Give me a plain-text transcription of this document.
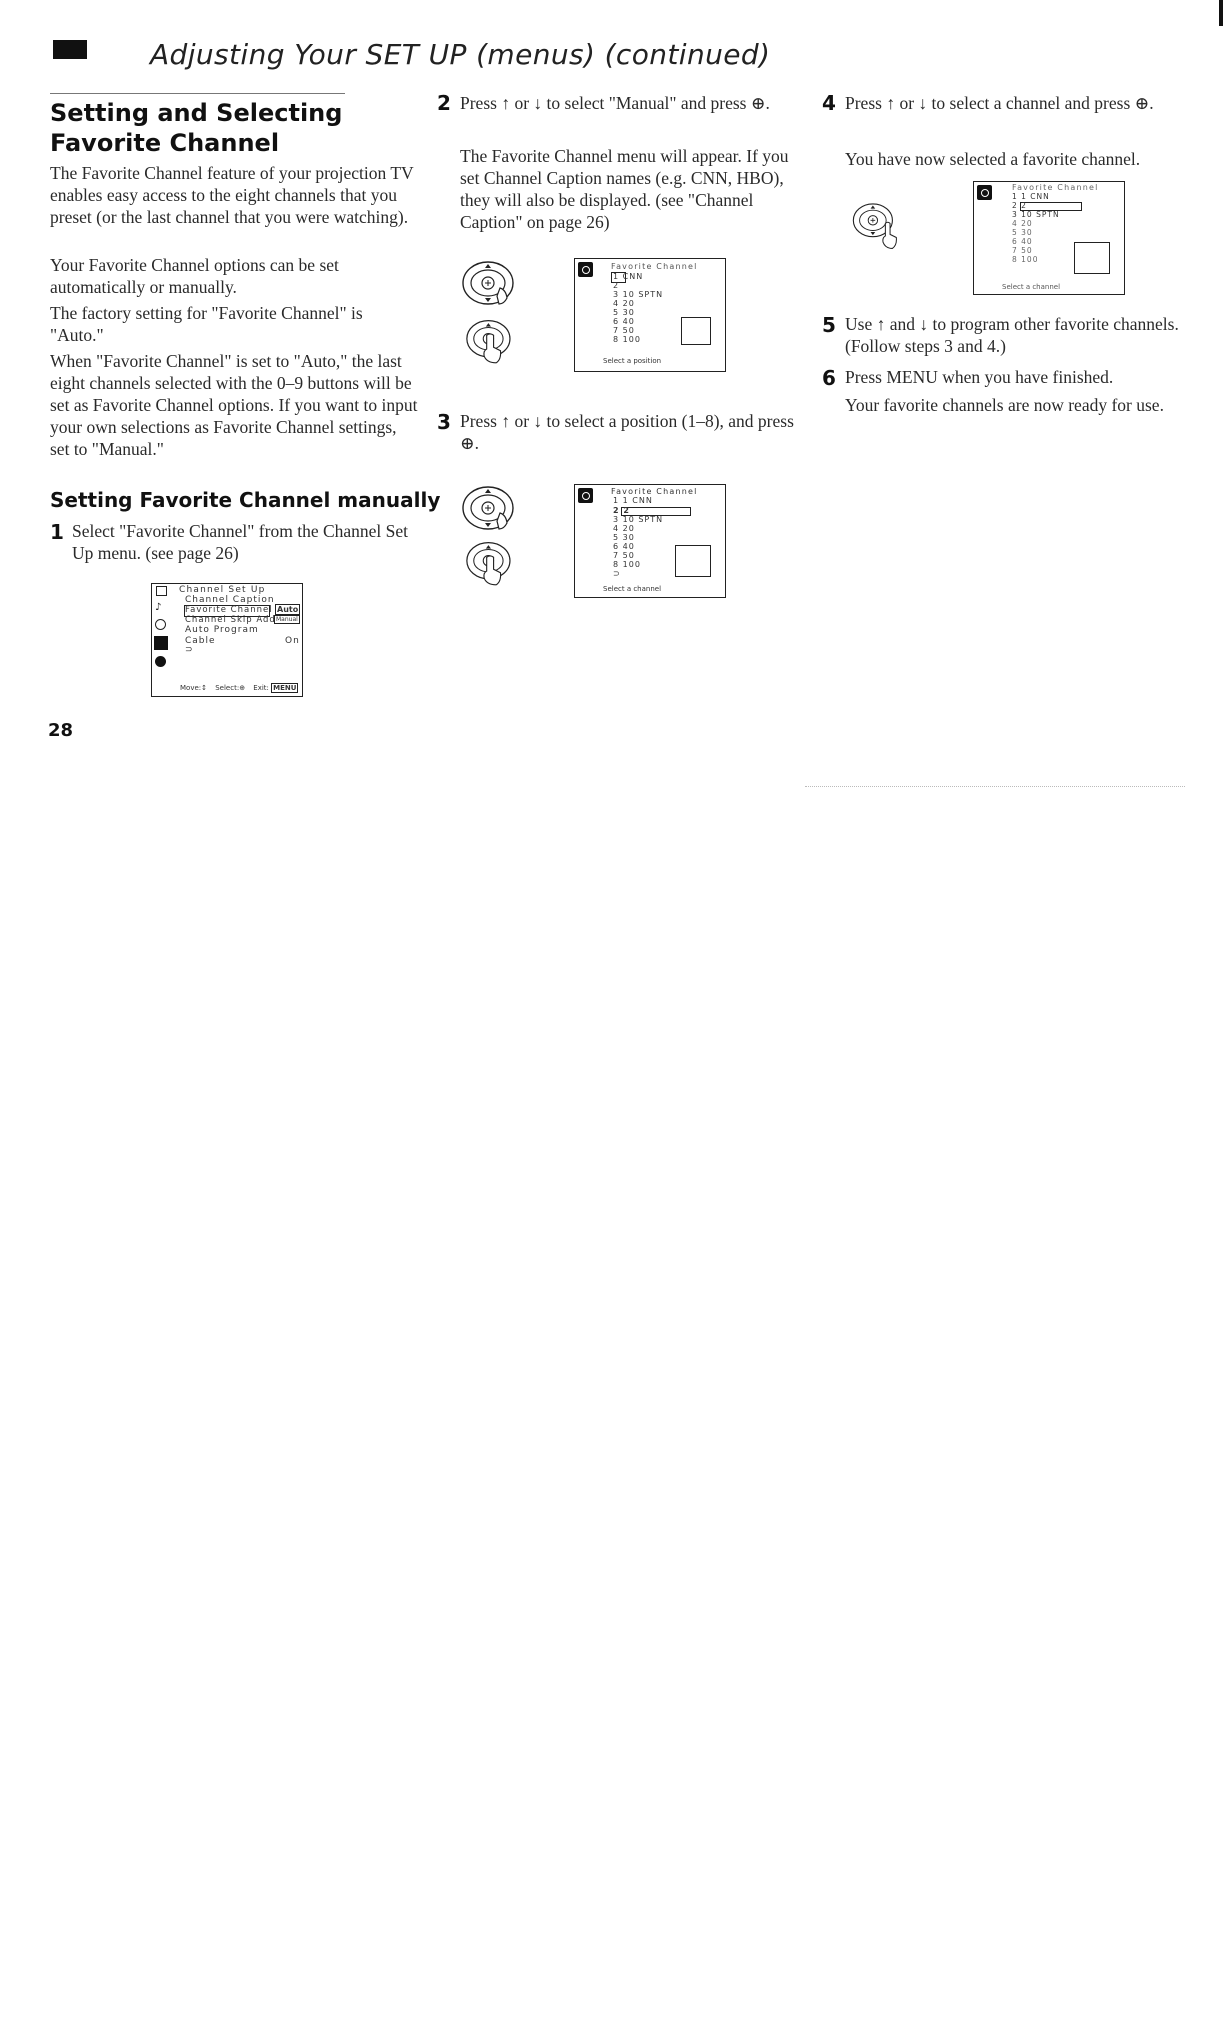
Adjusting Your SET UP (menus) (continued)
Setting and Selecting Favorite Channel
The Favorite Channel feature of your projection TV enables easy access to the eight channels that you preset (or the last channel that you were watching).
Your Favorite Channel options can be set automatically or manually.
The factory setting for "Favorite Channel" is "Auto."
When "Favorite Channel" is set to "Auto," the last eight channels selected with the 0–9 buttons will be set as Favorite Channel options. If you want to input your own selections as Favorite Channel settings, set to "Manual."
Setting Favorite Channel manually
1 Select "Favorite Channel" from the Channel Set Up menu. (see page 26)
♪
Channel Set Up
Channel Caption
Favorite Channel Auto
Channel Skip Add Manual
Auto Program
Cable	On
⊃
Move:↕ Select:⊕ Exit: MENU
28
2 Press ↑ or ↓ to select "Manual" and press ⊕.
The Favorite Channel menu will appear. If you set Channel Caption names (e.g. CNN, HBO), they will also be displayed. (see "Channel Caption" on page 26)
Favorite Channel
1 CNN
2
3 10 SPTN
4 20
5 30
6 40
7 50
8 100
Select a position
3 Press ↑ or ↓ to select a position (1–8), and press ⊕.
Favorite Channel
1 1 CNN
2 2
3 10 SPTN
4 20
5 30
6 40
7 50
8 100
⊃
Select a channel
4 Press ↑ or ↓ to select a channel and press ⊕.
You have now selected a favorite channel.
Favorite Channel
1 1 CNN
2 2
3 10 SPTN
4 20
5 30
6 40
7 50
8 100
Select a channel
5 Use ↑ and ↓ to program other favorite channels. (Follow steps 3 and 4.)
6 Press MENU when you have finished.
Your favorite channels are now ready for use.
